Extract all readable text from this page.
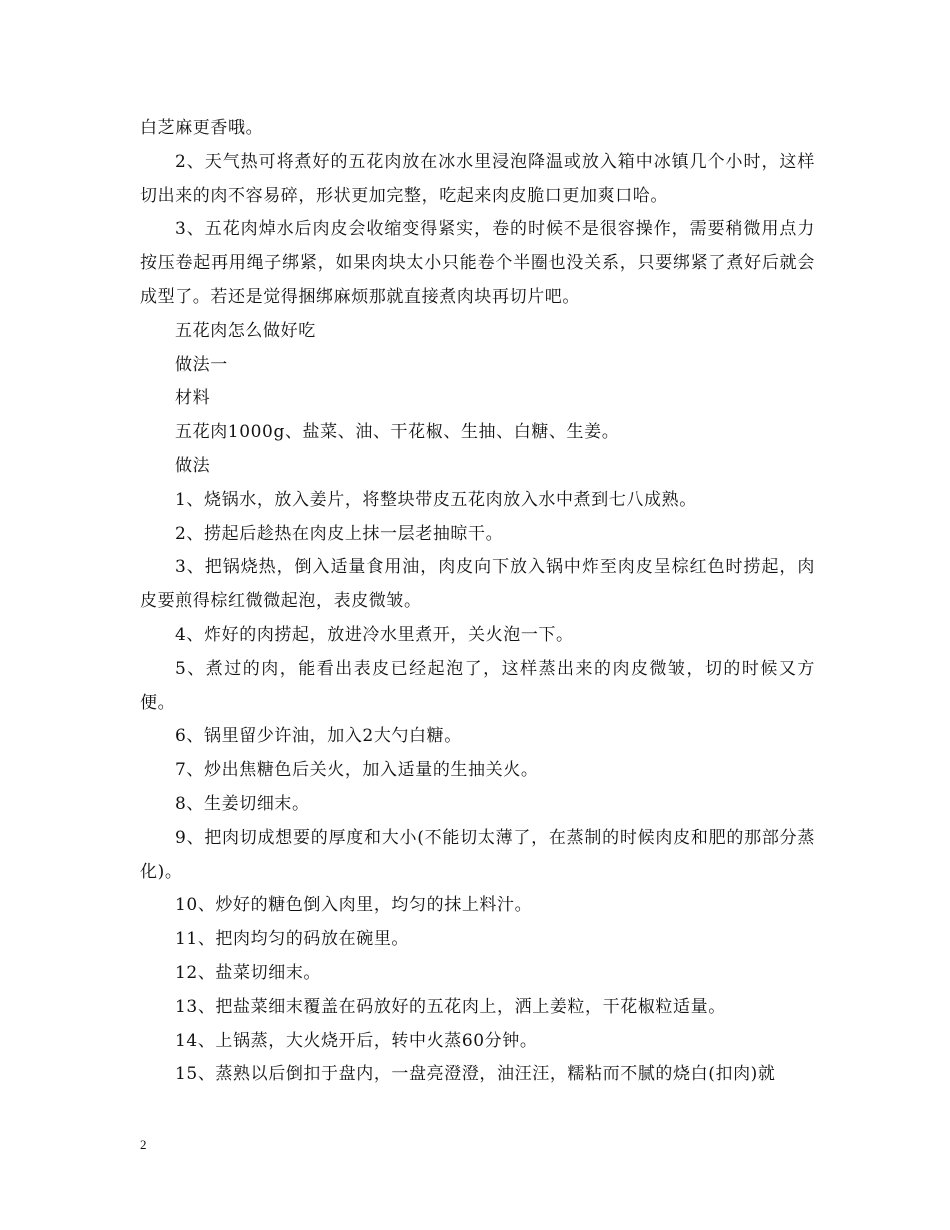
白芝麻更香哦。

2、天气热可将煮好的五花肉放在冰水里浸泡降温或放入箱中冰镇几个小时，这样切出来的肉不容易碎，形状更加完整，吃起来肉皮脆口更加爽口哈。

3、五花肉焯水后肉皮会收缩变得紧实，卷的时候不是很容操作，需要稍微用点力按压卷起再用绳子绑紧，如果肉块太小只能卷个半圈也没关系，只要绑紧了煮好后就会成型了。若还是觉得捆绑麻烦那就直接煮肉块再切片吧。

五花肉怎么做好吃

做法一

材料

五花肉1000g、盐菜、油、干花椒、生抽、白糖、生姜。

做法

1、烧锅水，放入姜片，将整块带皮五花肉放入水中煮到七八成熟。

2、捞起后趁热在肉皮上抹一层老抽晾干。

3、把锅烧热，倒入适量食用油，肉皮向下放入锅中炸至肉皮呈棕红色时捞起，肉皮要煎得棕红微微起泡，表皮微皱。

4、炸好的肉捞起，放进冷水里煮开，关火泡一下。

5、煮过的肉，能看出表皮已经起泡了，这样蒸出来的肉皮微皱，切的时候又方便。

6、锅里留少许油，加入2大勺白糖。

7、炒出焦糖色后关火，加入适量的生抽关火。

8、生姜切细末。

9、把肉切成想要的厚度和大小(不能切太薄了，在蒸制的时候肉皮和肥的那部分蒸化)。

10、炒好的糖色倒入肉里，均匀的抹上料汁。

11、把肉均匀的码放在碗里。

12、盐菜切细末。

13、把盐菜细末覆盖在码放好的五花肉上，洒上姜粒，干花椒粒适量。

14、上锅蒸，大火烧开后，转中火蒸60分钟。

15、蒸熟以后倒扣于盘内，一盘亮澄澄，油汪汪，糯粘而不腻的烧白(扣肉)就

2
